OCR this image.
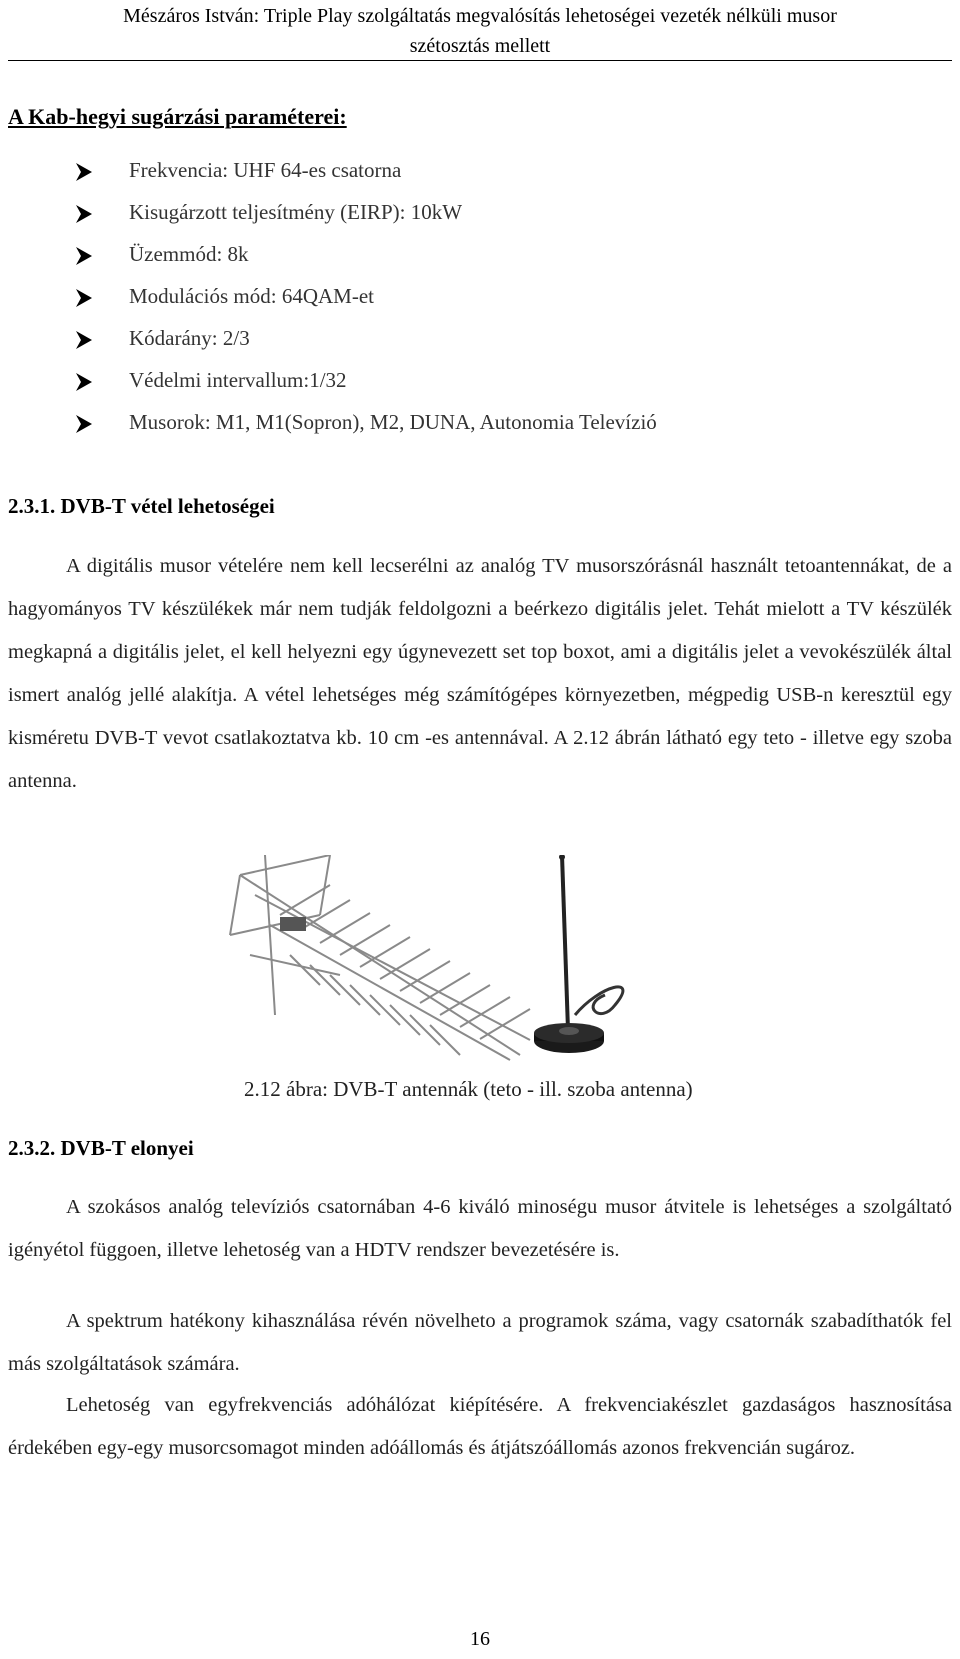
Mészáros István: Triple Play szolgáltatás megvalósítás lehetoségei vezeték nélküli musor
szétosztás mellett
A Kab-hegyi sugárzási paraméterei:
Frekvencia: UHF 64-es csatorna
Kisugárzott teljesítmény (EIRP): 10kW
Üzemmód: 8k
Modulációs mód: 64QAM-et
Kódarány: 2/3
Védelmi intervallum:1/32
Musorok: M1, M1(Sopron), M2, DUNA, Autonomia Televízió
2.3.1. DVB-T vétel lehetoségei
A digitális musor vételére nem kell lecserélni az analóg TV musorszórásnál használt tetoantennákat, de a hagyományos TV készülékek már nem tudják feldolgozni a beérkezo digitális jelet. Tehát mielott a TV készülék megkapná a digitális jelet, el kell helyezni egy úgynevezett set top boxot, ami a digitális jelet a vevokészülék által ismert analóg jellé alakítja. A vétel lehetséges még számítógépes környezetben, mégpedig USB-n keresztül egy kisméretu DVB-T vevot csatlakoztatva kb. 10 cm -es antennával. A 2.12 ábrán látható egy teto - illetve egy szoba antenna.
2.12 ábra: DVB-T antennák (teto - ill. szoba antenna)
2.3.2. DVB-T elonyei
A szokásos analóg televíziós csatornában 4-6 kiváló minoségu musor átvitele is lehetséges a szolgáltató igényétol függoen, illetve lehetoség van a HDTV rendszer bevezetésére is.
A spektrum hatékony kihasználása révén növelheto a programok száma, vagy csatornák szabadíthatók fel más szolgáltatások számára.
Lehetoség van egyfrekvenciás adóhálózat kiépítésére. A frekvenciakészlet gazdaságos hasznosítása érdekében egy-egy musorcsomagot minden adóállomás és átjátszóállomás azonos frekvencián sugároz.
16
